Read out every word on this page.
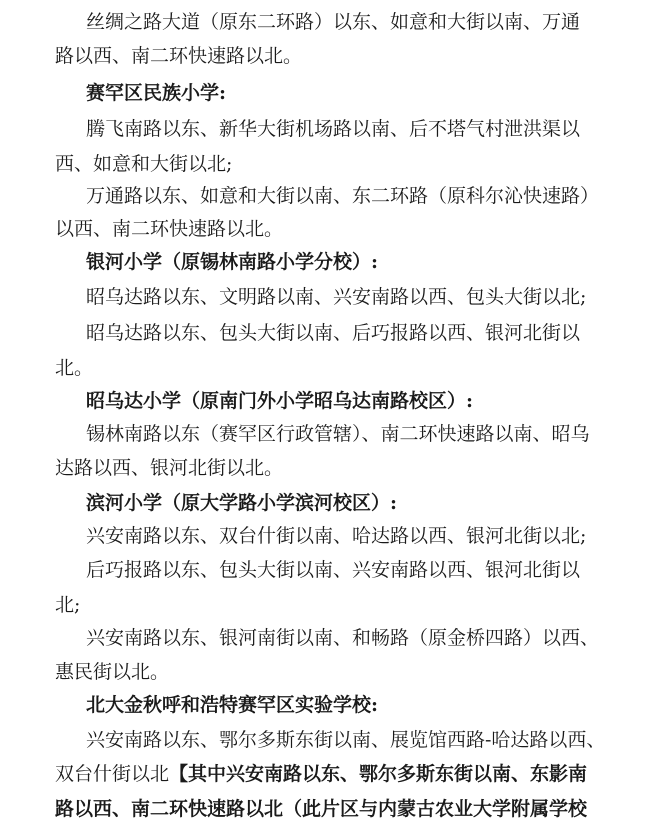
丝绸之路大道（原东二环路）以东、如意和大街以南、万通
路以西、南二环快速路以北。
赛罕区民族小学:
腾飞南路以东、新华大街机场路以南、后不塔气村泄洪渠以
西、如意和大街以北;
万通路以东、如意和大街以南、东二环路（原科尔沁快速路）
以西、南二环快速路以北。
银河小学（原锡林南路小学分校）:
昭乌达路以东、文明路以南、兴安南路以西、包头大街以北;
昭乌达路以东、包头大街以南、后巧报路以西、银河北街以
北。
昭乌达小学（原南门外小学昭乌达南路校区）:
锡林南路以东（赛罕区行政管辖）、南二环快速路以南、昭乌
达路以西、银河北街以北。
滨河小学（原大学路小学滨河校区）:
兴安南路以东、双台什街以南、哈达路以西、银河北街以北;
后巧报路以东、包头大街以南、兴安南路以西、银河北街以
北;
兴安南路以东、银河南街以南、和畅路（原金桥四路）以西、
惠民街以北。
北大金秋呼和浩特赛罕区实验学校:
兴安南路以东、鄂尔多斯东街以南、展览馆西路-哈达路以西、
双台什街以北【其中兴安南路以东、鄂尔多斯东街以南、东影南
路以西、南二环快速路以北（此片区与内蒙古农业大学附属学校
